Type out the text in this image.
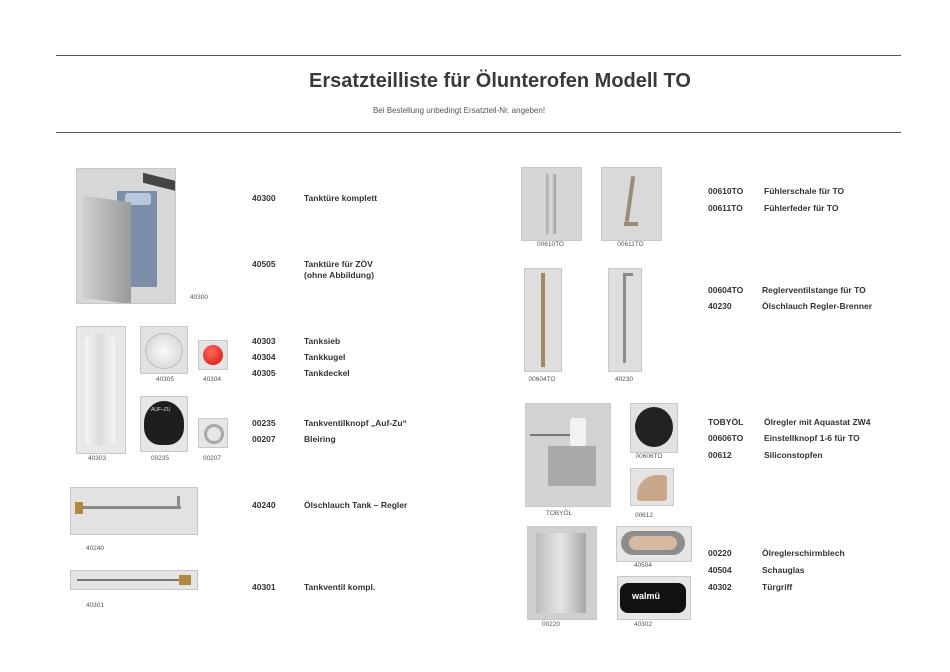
Ersatzteilliste für Ölunterofen Modell TO
Bei Bestellung unbedingt Ersatzteil-Nr. angeben!
40300
40303
40305	40304
AUF–ZU
00235	00207
40240
40301
40300	Tanktüre komplett
40505	Tanktüre für ZÖV
(ohne Abbildung)
40303	Tanksieb
40304	Tankkugel
40305	Tankdeckel
00235	Tankventilknopf „Auf-Zu“
00207	Bleiring
40240	Ölschlauch Tank – Regler
40301	Tankventil kompl.
00610TO	00611TO
00604TO	40230
TOBYÖL
00606TO
00612
00220
40504
walmü
40302
00610TO Fühlerschale für TO
00611TO Fühlerfeder für TO
00604TO Reglerventilstange für TO
40230	Ölschlauch Regler-Brenner
TOBYÖL Ölregler mit Aquastat ZW4
00606TO Einstellknopf 1-6 für TO
00612	Siliconstopfen
00220	Ölreglerschirmblech
40504	Schauglas
40302	Türgriff
